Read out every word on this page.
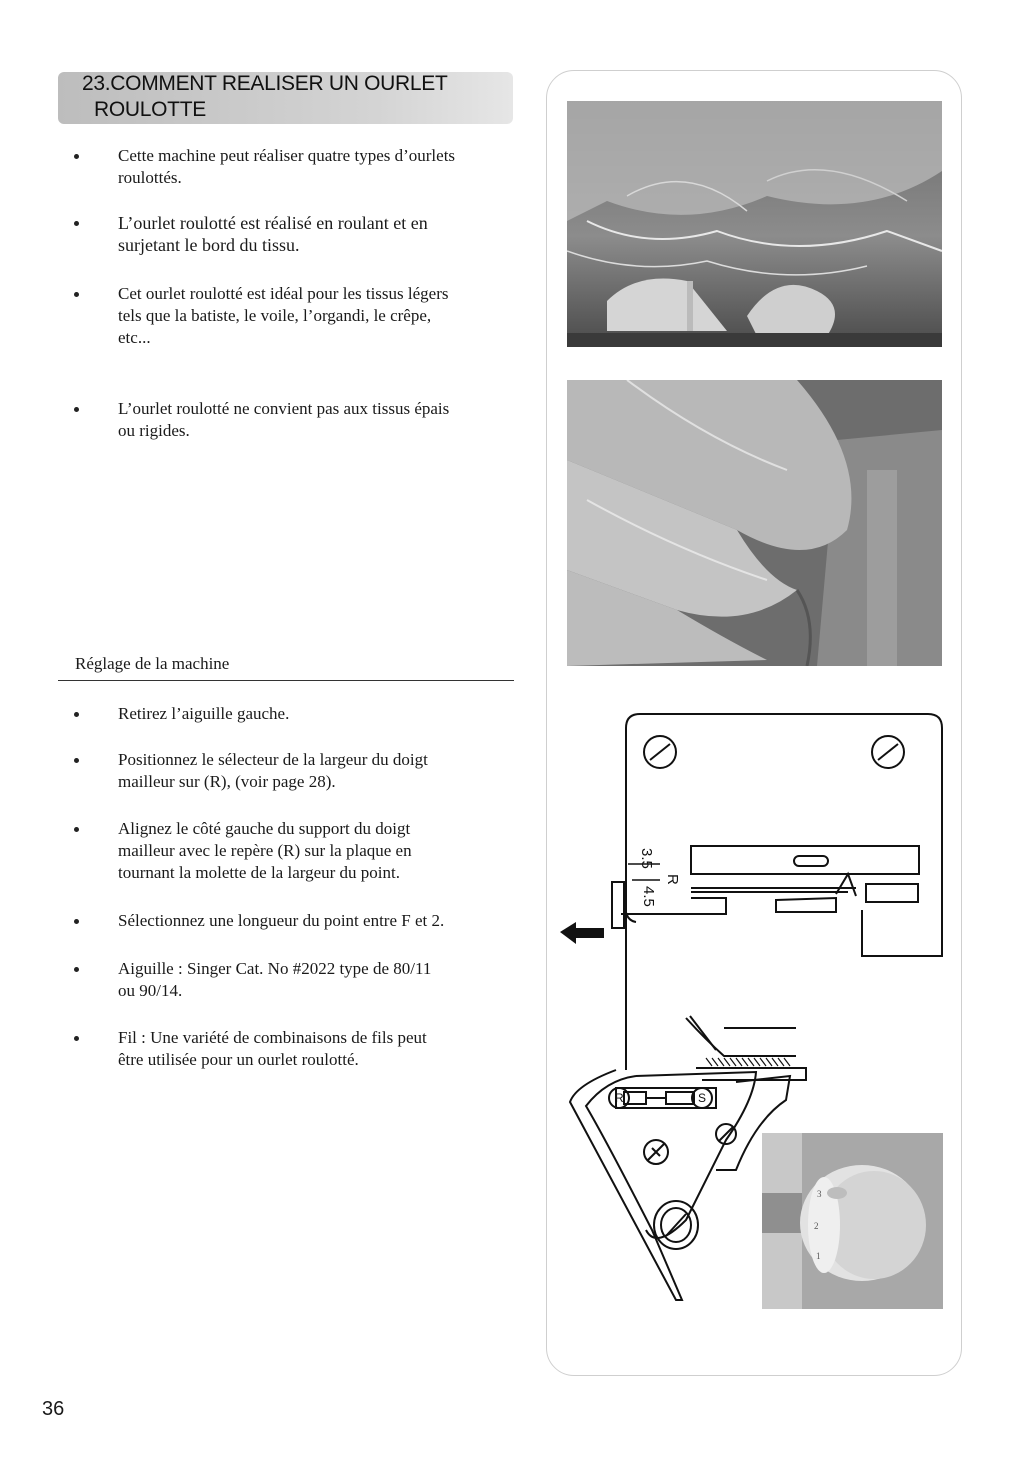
23.COMMENT REALISER UN OURLET
ROULOTTE
Cette machine peut réaliser quatre types d’ourlets
roulottés.
L’ourlet roulotté est réalisé en roulant et en
surjetant le bord du tissu.
Cet ourlet roulotté est idéal pour les tissus légers
tels que la batiste, le voile, l’organdi, le crêpe,
etc...
L’ourlet roulotté ne convient pas aux tissus épais
ou rigides.
Réglage de la machine
Retirez l’aiguille gauche.
Positionnez le sélecteur de la largeur du doigt
mailleur sur (R), (voir page 28).
Alignez le côté gauche du support du doigt
mailleur avec le repère (R) sur la plaque en
tournant la molette de la largeur du point.
Sélectionnez une longueur du point entre F et 2.
Aiguille : Singer Cat. No #2022 type de 80/11
ou 90/14.
Fil : Une variété de combinaisons de fils peut
être utilisée pour un ourlet roulotté.
3.5
R
4.5
R	S
3
2
1
36
